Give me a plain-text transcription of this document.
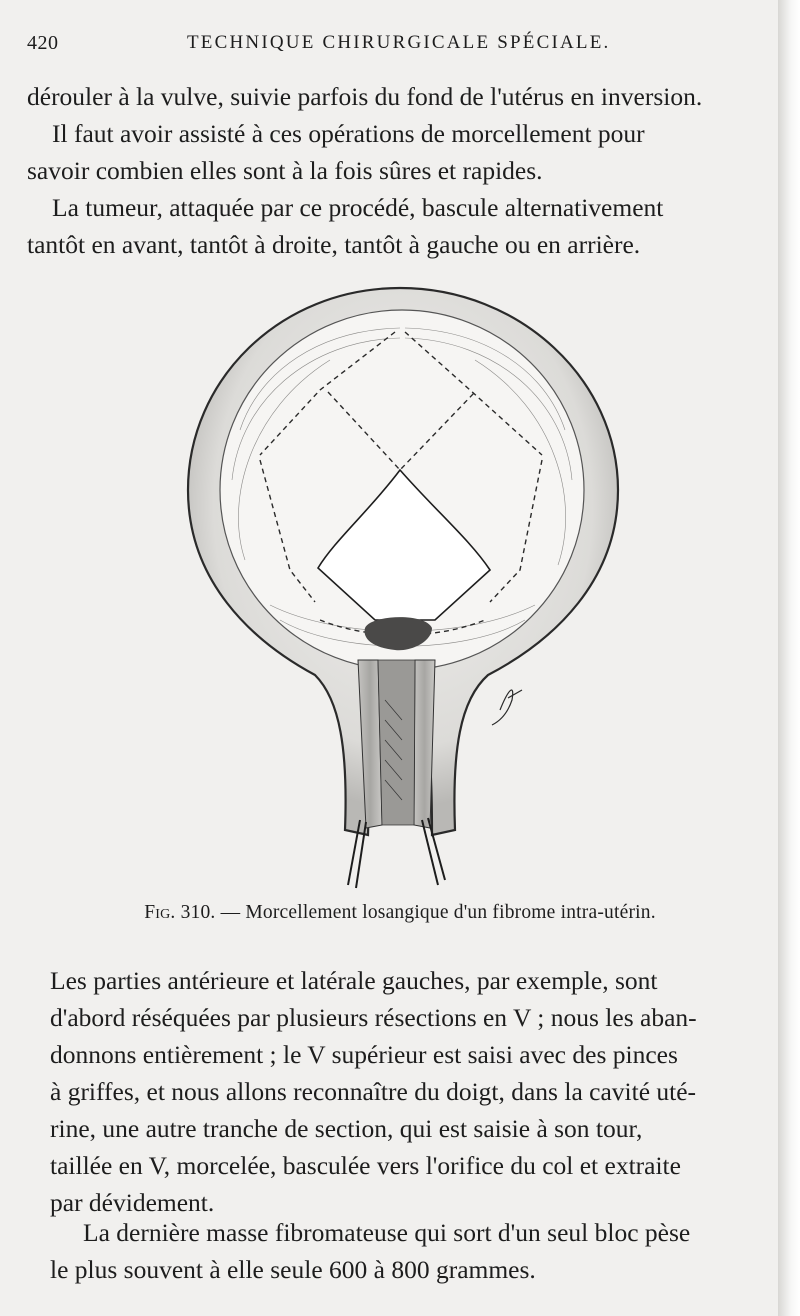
420	TECHNIQUE CHIRURGICALE SPÉCIALE.
dérouler à la vulve, suivie parfois du fond de l'utérus en inversion.
Il faut avoir assisté à ces opérations de morcellement pour
savoir combien elles sont à la fois sûres et rapides.
La tumeur, attaquée par ce procédé, bascule alternativement
tantôt en avant, tantôt à droite, tantôt à gauche ou en arrière.
Fig. 310. — Morcellement losangique d'un fibrome intra-utérin.
Les parties antérieure et latérale gauches, par exemple, sont
d'abord réséquées par plusieurs résections en V ; nous les aban-
donnons entièrement ; le V supérieur est saisi avec des pinces
à griffes, et nous allons reconnaître du doigt, dans la cavité uté-
rine, une autre tranche de section, qui est saisie à son tour,
taillée en V, morcelée, basculée vers l'orifice du col et extraite
par dévidement.
La dernière masse fibromateuse qui sort d'un seul bloc pèse
le plus souvent à elle seule 600 à 800 grammes.
